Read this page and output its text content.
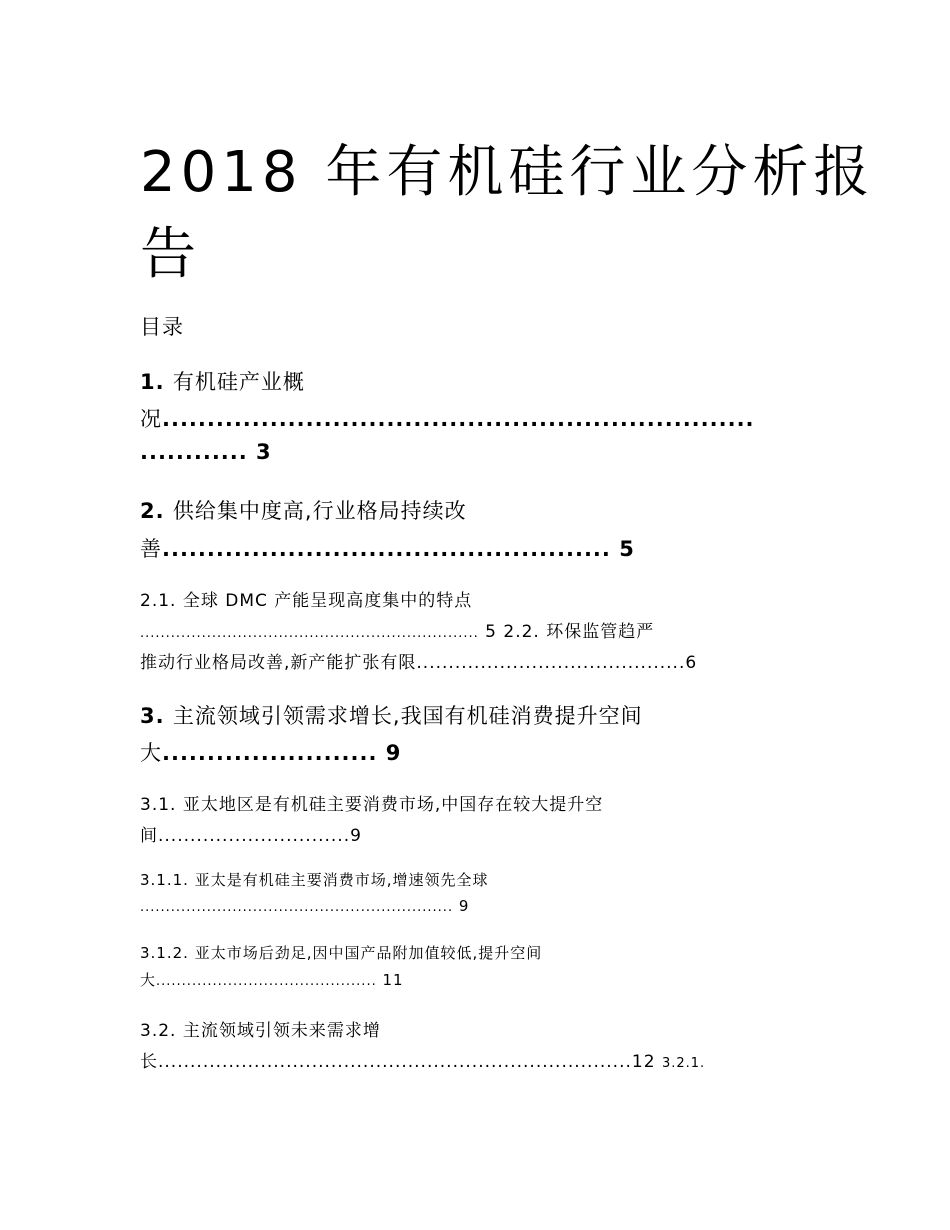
2018 年有机硅行业分析报
告
目录
1. 有机硅产业概
况..................................................................
............ 3
2. 供给集中度高,行业格局持续改
善.................................................. 5
2.1. 全球 DMC 产能呈现高度集中的特点
.................................................................. 5 2.2. 环保监管趋严
推动行业格局改善,新产能扩张有限..........................................6
3. 主流领域引领需求增长,我国有机硅消费提升空间
大........................ 9
3.1. 亚太地区是有机硅主要消费市场,中国存在较大提升空
间..............................9
3.1.1. 亚太是有机硅主要消费市场,增速领先全球
............................................................. 9
3.1.2. 亚太市场后劲足,因中国产品附加值较低,提升空间
大........................................... 11
3.2. 主流领域引领未来需求增
长..........................................................................12 3.2.1.
